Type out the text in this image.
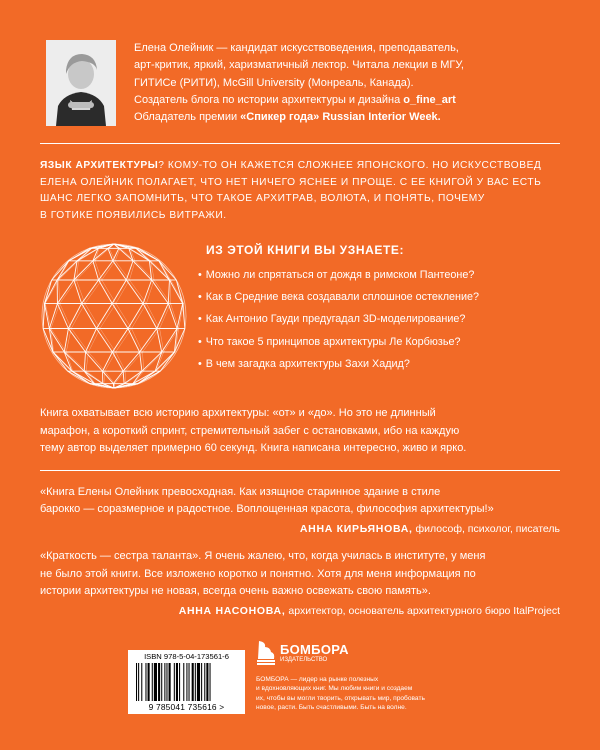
Елена Олейник — кандидат искусствоведения, преподаватель,
арт-критик, яркий, харизматичный лектор. Читала лекции в МГУ,
ГИТИСе (РИТИ), McGill University (Монреаль, Канада).
Создатель блога по истории архитектуры и дизайна o_fine_art
Обладатель премии «Спикер года» Russian Interior Week.
ЯЗЫК АРХИТЕКТУРЫ? КОМУ-ТО ОН КАЖЕТСЯ СЛОЖНЕЕ ЯПОНСКОГО. НО ИСКУССТВОВЕД
ЕЛЕНА ОЛЕЙНИК ПОЛАГАЕТ, ЧТО НЕТ НИЧЕГО ЯСНЕЕ И ПРОЩЕ. С ЕЕ КНИГОЙ У ВАС ЕСТЬ
ШАНС ЛЕГКО ЗАПОМНИТЬ, ЧТО ТАКОЕ АРХИТРАВ, ВОЛЮТА, И ПОНЯТЬ, ПОЧЕМУ
В ГОТИКЕ ПОЯВИЛИСЬ ВИТРАЖИ.
ИЗ ЭТОЙ КНИГИ ВЫ УЗНАЕТЕ:
• Можно ли спрятаться от дождя в римском Пантеоне?
• Как в Средние века создавали сплошное остекление?
• Как Антонио Гауди предугадал 3D-моделирование?
• Что такое 5 принципов архитектуры Ле Корбюзье?
• В чем загадка архитектуры Захи Хадид?
Книга охватывает всю историю архитектуры: «от» и «до». Но это не длинный
марафон, а короткий спринт, стремительный забег с остановками, ибо на каждую
тему автор выделяет примерно 60 секунд. Книга написана интересно, живо и ярко.
«Книга Елены Олейник превосходная. Как изящное старинное здание в стиле
барокко — соразмерное и радостное. Воплощенная красота, философия архитектуры!»
АННА КИРЬЯНОВА, философ, психолог, писатель
«Краткость — сестра таланта». Я очень жалею, что, когда училась в институте, у меня
не было этой книги. Все изложено коротко и понятно. Хотя для меня информация по
истории архитектуры не новая, всегда очень важно освежать свою память».
АННА НАСОНОВА, архитектор, основатель архитектурного бюро ItalProject
ISBN 978-5-04-173561-6
9 785041 735616 >
БОМБОРА
ИЗДАТЕЛЬСТВО
БОМБОРА — лидер на рынке полезных
и вдохновляющих книг. Мы любим книги и создаем
их, чтобы вы могли творить, открывать мир, пробовать
новое, расти. Быть счастливыми. Быть на волне.
